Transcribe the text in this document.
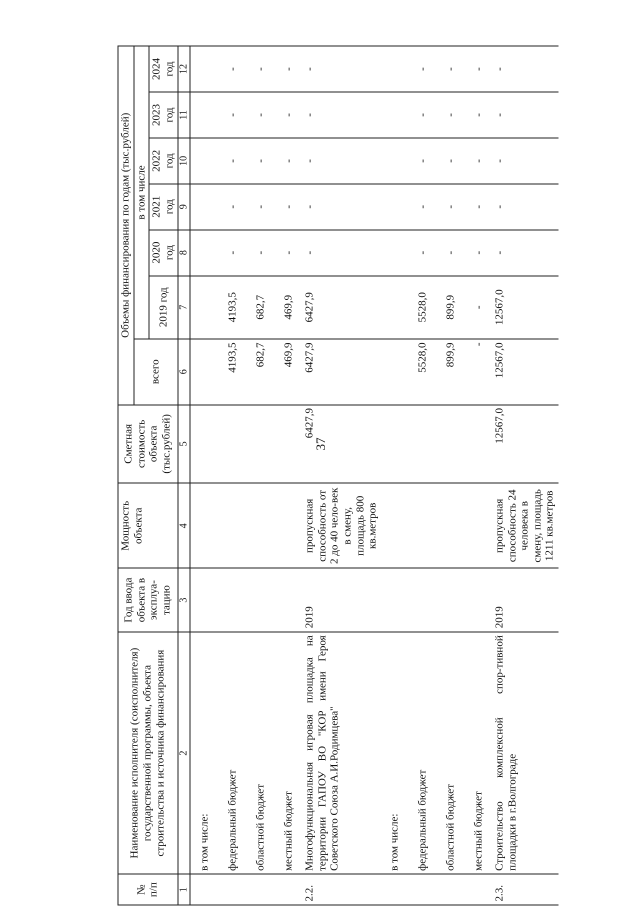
37
№
п/п	Наименование исполнителя (соисполнителя) государственной программы, объекта строительства и источника финансирования	Год ввода объекта в эксплуа-тацию	Мощность объекта	Сметная стоимость объекта (тыс.рублей)	Объемы финансирования по годам (тыс.рублей)						
					всего	в том числе					
						2019 год	2020 год	2021 год	2022 год	2023 год	2024 год
1	2	3	4	5	6	7	8	9	10	11	12
	в том числе:										
	федеральный бюджет				4193,5	4193,5	-	-	-	-	-
	областной бюджет				682,7	682,7	-	-	-	-	-
	местный бюджет				469,9	469,9	-	-	-	-	-
2.2.	Многофункциональная игровая площадка на территории ГАПОУ ВО "КОР имени Героя Советского Союза А.И.Родимцева"	2019	пропускная способность от 2 до 40 чело-век в смену, площадь 800 кв.метров	6427,9	6427,9	6427,9	-	-	-	-	-
	в том числе:										
	федеральный бюджет				5528,0	5528,0	-	-	-	-	-
	областной бюджет				899,9	899,9	-	-	-	-	-
	местный бюджет				-	-	-	-	-	-	-
2.3.	Строительство комплексной спор-тивной площадки в г.Волгограде	2019	пропускная способность 24 человека в смену, площадь 1211 кв.метров	12567,0	12567,0	12567,0	-	-	-	-	-
